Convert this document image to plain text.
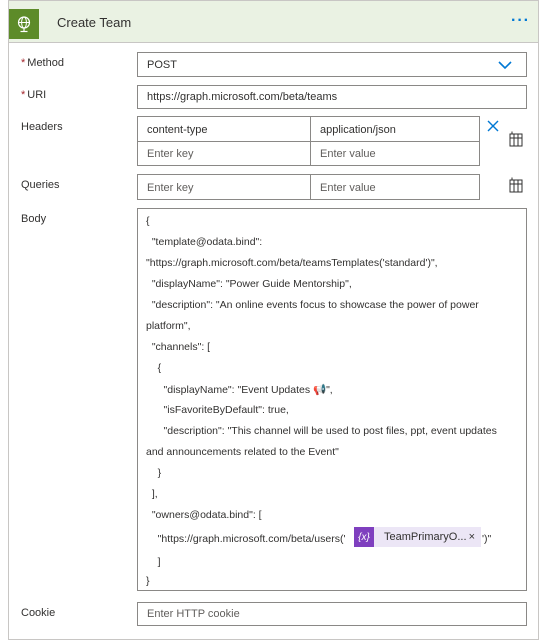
Create Team	···
* Method	POST
* URI	https://graph.microsoft.com/beta/teams
Headers	content-type	application/json
Enter key	Enter value
Queries	Enter key	Enter value
Body	{
"template@odata.bind":
"https://graph.microsoft.com/beta/teamsTemplates('standard')",
"displayName": "Power Guide Mentorship",
"description": "An online events focus to showcase the power of power
platform",
"channels": [
{
"displayName": "Event Updates 📢",
"isFavoriteByDefault": true,
"description": "This channel will be used to post files, ppt, event updates
and announcements related to the Event"
}
],
"owners@odata.bind": [
"https://graph.microsoft.com/beta/users('	{x}	TeamPrimaryO... × ')"
]
}
Cookie	Enter HTTP cookie
